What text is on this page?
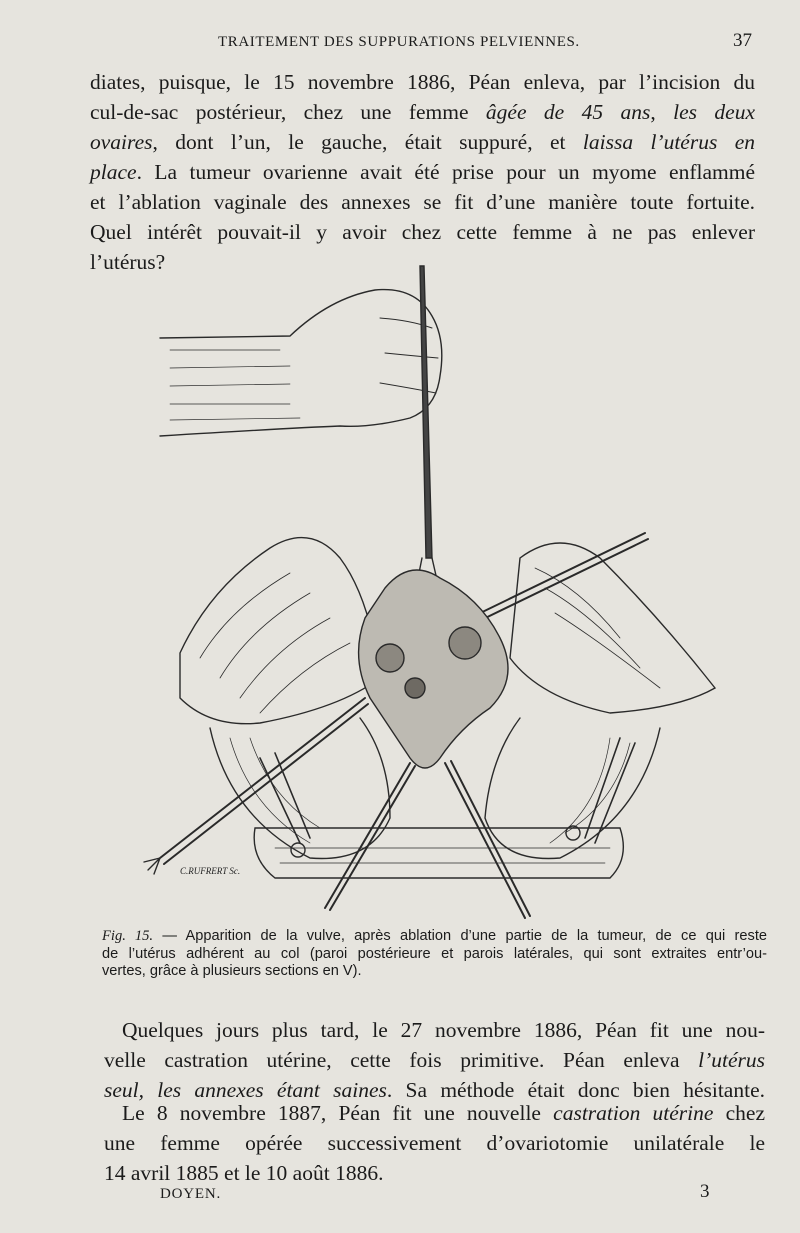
TRAITEMENT DES SUPPURATIONS PELVIENNES.	37

diates, puisque, le 15 novembre 1886, Péan enleva, par l’incision du
cul-de-sac postérieur, chez une femme âgée de 45 ans, les deux
ovaires, dont l’un, le gauche, était suppuré, et laissa l’utérus en
place. La tumeur ovarienne avait été prise pour un myome enflammé
et l’ablation vaginale des annexes se fit d’une manière toute fortuite.
Quel intérêt pouvait-il y avoir chez cette femme à ne pas enlever
l’utérus?

C.RUFRERT Sc.
Fig. 15. — Apparition de la vulve, après ablation d’une partie de la tumeur, de ce qui reste
de l’utérus adhérent au col (paroi postérieure et parois latérales, qui sont extraites entr’ou-
vertes, grâce à plusieurs sections en V).

Quelques jours plus tard, le 27 novembre 1886, Péan fit une nou-
velle castration utérine, cette fois primitive. Péan enleva l’utérus
seul, les annexes étant saines. Sa méthode était donc bien hésitante.

Le 8 novembre 1887, Péan fit une nouvelle castration utérine chez
une femme opérée successivement d’ovariotomie unilatérale le
14 avril 1885 et le 10 août 1886.

DOYEN.	3
